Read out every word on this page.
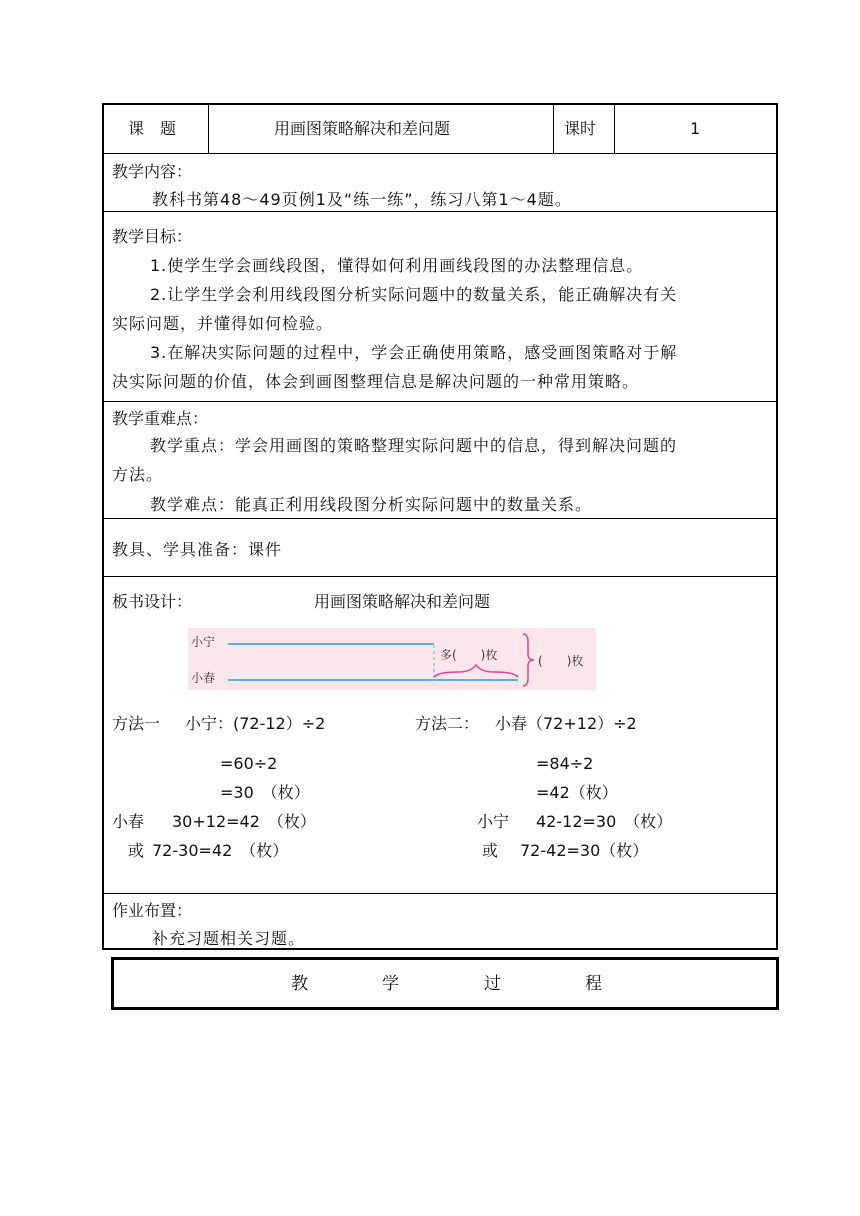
课　题	用画图策略解决和差问题	课时	1
教学内容：
教科书第48～49页例1及“练一练”，练习八第1～4题。
教学目标：
1.使学生学会画线段图，懂得如何利用画线段图的办法整理信息。
2.让学生学会利用线段图分析实际问题中的数量关系，能正确解决有关
实际问题，并懂得如何检验。
3.在解决实际问题的过程中，学会正确使用策略，感受画图策略对于解
决实际问题的价值，体会到画图整理信息是解决问题的一种常用策略。
教学重难点：
教学重点：学会用画图的策略整理实际问题中的信息，得到解决问题的
方法。
教学难点：能真正利用线段图分析实际问题中的数量关系。
教具、学具准备：课件
板书设计：	用画图策略解决和差问题
小宁
小春
多(　　)枚	(　　)枚
方法一 小宁：(72-12）÷2
=60÷2
=30　（枚）
小春 30+12=42　（枚）
或 72-30=42　（枚）
方法二： 小春（72+12）÷2
=84÷2
=42（枚）
小宁 42-12=30　（枚）
或 72-42=30（枚）
作业布置：
补充习题相关习题。
教	学	过	程
